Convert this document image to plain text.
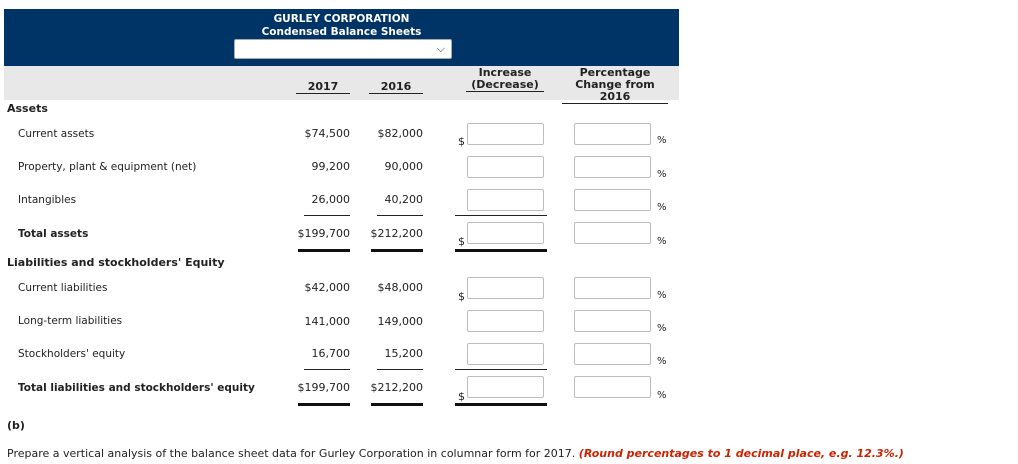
GURLEY CORPORATION
Condensed Balance Sheets
⌵
2017	2016
Increase
(Decrease)
Percentage
Change from 2016
Assets
Current assets	$74,500	$82,000
$	%
Property, plant & equipment (net)	99,200	90,000
%
Intangibles	26,000	40,200
%
Total assets	$199,700	$212,200
$	%
Liabilities and stockholders' Equity
Current liabilities	$42,000	$48,000
$	%
Long-term liabilities	141,000	149,000
%
Stockholders' equity	16,700	15,200
%
Total liabilities and stockholders' equity	$199,700	$212,200
$	%
(b)
Prepare a vertical analysis of the balance sheet data for Gurley Corporation in columnar form for 2017. (Round percentages to 1 decimal place, e.g. 12.3%.)
